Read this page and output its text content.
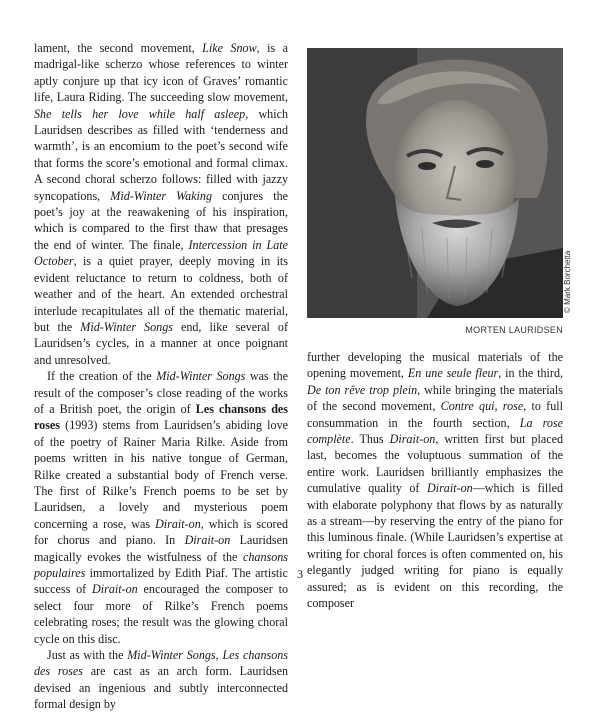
lament, the second movement, Like Snow, is a madrigal-like scherzo whose references to winter aptly conjure up that icy icon of Graves’ romantic life, Laura Riding. The succeeding slow movement, She tells her love while half asleep, which Lauridsen describes as filled with ‘tenderness and warmth’, is an encomium to the poet’s second wife that forms the score’s emotional and formal climax. A second choral scherzo follows: filled with jazzy syncopations, Mid-Winter Waking conjures the poet’s joy at the reawakening of his inspiration, which is compared to the first thaw that presages the end of winter. The finale, Intercession in Late October, is a quiet prayer, deeply moving in its evident reluctance to return to coldness, both of weather and of the heart. An extended orchestral interlude recapitulates all of the thematic material, but the Mid-Winter Songs end, like several of Lauridsen’s cycles, in a manner at once poignant and unresolved.

If the creation of the Mid-Winter Songs was the result of the composer’s close reading of the works of a British poet, the origin of Les chansons des roses (1993) stems from Lauridsen’s abiding love of the poetry of Rainer Maria Rilke. Aside from poems written in his native tongue of German, Rilke created a substantial body of French verse. The first of Rilke’s French poems to be set by Lauridsen, a lovely and mysterious poem concerning a rose, was Dirait-on, which is scored for chorus and piano. In Dirait-on Lauridsen magically evokes the wistfulness of the chansons populaires immortalized by Edith Piaf. The artistic success of Dirait-on encouraged the composer to select four more of Rilke’s French poems celebrating roses; the result was the glowing choral cycle on this disc.

Just as with the Mid-Winter Songs, Les chansons des roses are cast as an arch form. Lauridsen devised an ingenious and subtly interconnected formal design by

© Mark Borchetta
MORTEN LAURIDSEN

further developing the musical materials of the opening movement, En une seule fleur, in the third, De ton rêve trop plein, while bringing the materials of the second movement, Contre qui, rose, to full consummation in the fourth section, La rose complète. Thus Dirait-on, written first but placed last, becomes the voluptuous summation of the entire work. Lauridsen brilliantly emphasizes the cumulative quality of Dirait-on—which is filled with elaborate polyphony that flows by as naturally as a stream—by reserving the entry of the piano for this luminous finale. (While Lauridsen’s expertise at writing for choral forces is often commented on, his elegantly judged writing for piano is equally assured; as is evident on this recording, the composer

3
